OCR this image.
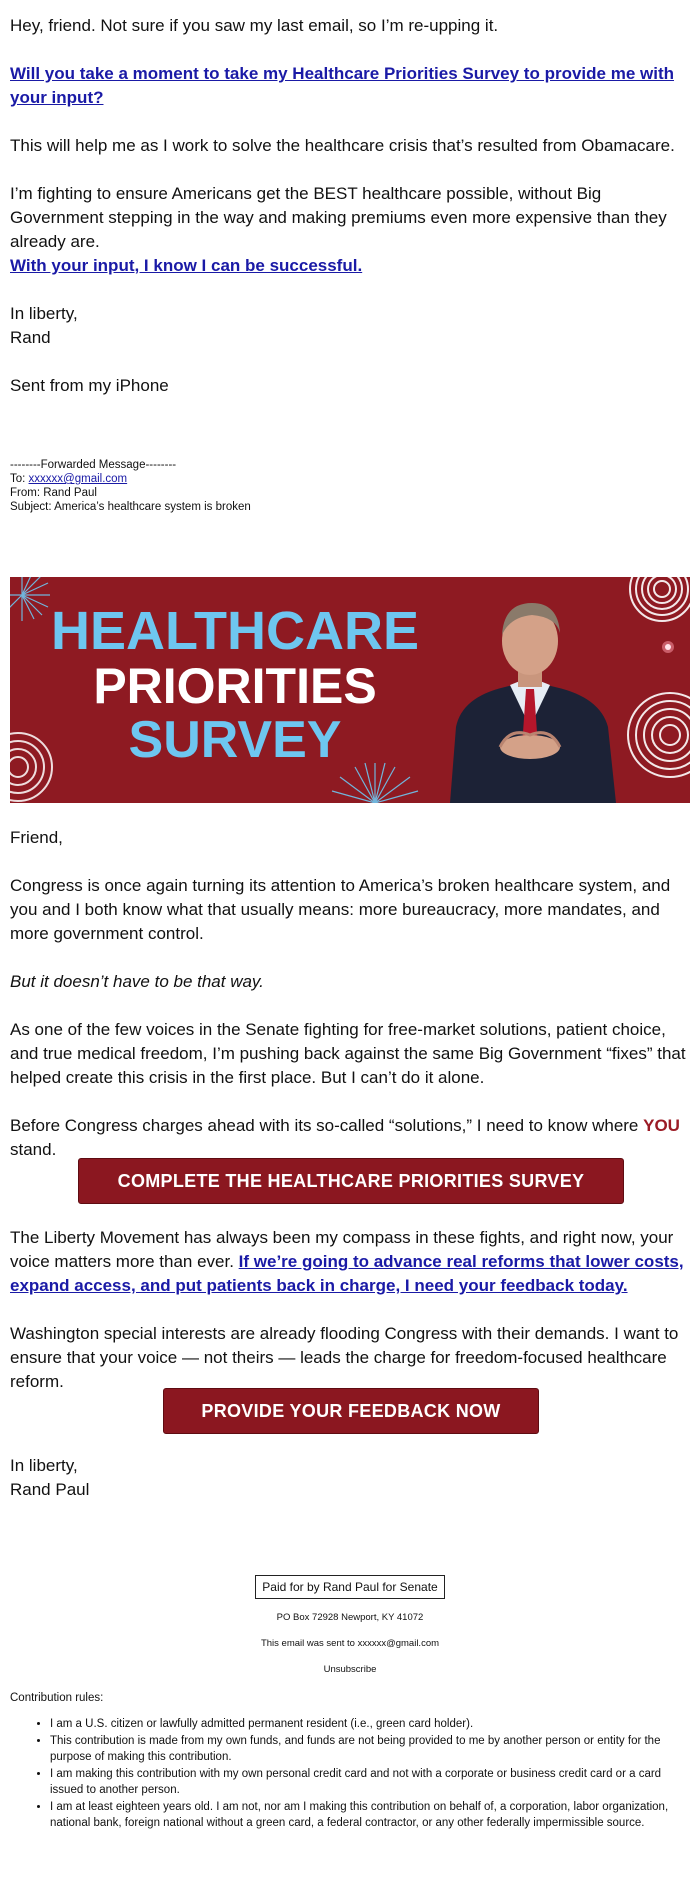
Hey, friend. Not sure if you saw my last email, so I’m re-upping it.

Will you take a moment to take my Healthcare Priorities Survey to provide me with your input?

This will help me as I work to solve the healthcare crisis that’s resulted from Obamacare.

I’m fighting to ensure Americans get the BEST healthcare possible, without Big Government stepping in the way and making premiums even more expensive than they already are.

With your input, I know I can be successful.

In liberty,

Rand

Sent from my iPhone

--------Forwarded Message--------
To: xxxxxx@gmail.com
From: Rand Paul
Subject: America’s healthcare system is broken
HEALTHCARE
PRIORITIES
SURVEY

Friend,

Congress is once again turning its attention to America’s broken healthcare system, and you and I both know what that usually means: more bureaucracy, more mandates, and more government control.

But it doesn’t have to be that way.

As one of the few voices in the Senate fighting for free-market solutions, patient choice, and true medical freedom, I’m pushing back against the same Big Government “fixes” that helped create this crisis in the first place. But I can’t do it alone.

Before Congress charges ahead with its so-called “solutions,” I need to know where YOU stand.

COMPLETE THE HEALTHCARE PRIORITIES SURVEY

The Liberty Movement has always been my compass in these fights, and right now, your voice matters more than ever. If we’re going to advance real reforms that lower costs, expand access, and put patients back in charge, I need your feedback today.

Washington special interests are already flooding Congress with their demands. I want to ensure that your voice — not theirs — leads the charge for freedom-focused healthcare reform.

PROVIDE YOUR FEEDBACK NOW

In liberty,

Rand Paul

Paid for by Rand Paul for Senate
PO Box 72928 Newport, KY 41072
This email was sent to xxxxxx@gmail.com
Unsubscribe
Contribution rules:
• I am a U.S. citizen or lawfully admitted permanent resident (i.e., green card holder).
• This contribution is made from my own funds, and funds are not being provided to me by another person or entity for the purpose of making this contribution.
• I am making this contribution with my own personal credit card and not with a corporate or business credit card or a card issued to another person.
• I am at least eighteen years old. I am not, nor am I making this contribution on behalf of, a corporation, labor organization, national bank, foreign national without a green card, a federal contractor, or any other federally impermissible source.
